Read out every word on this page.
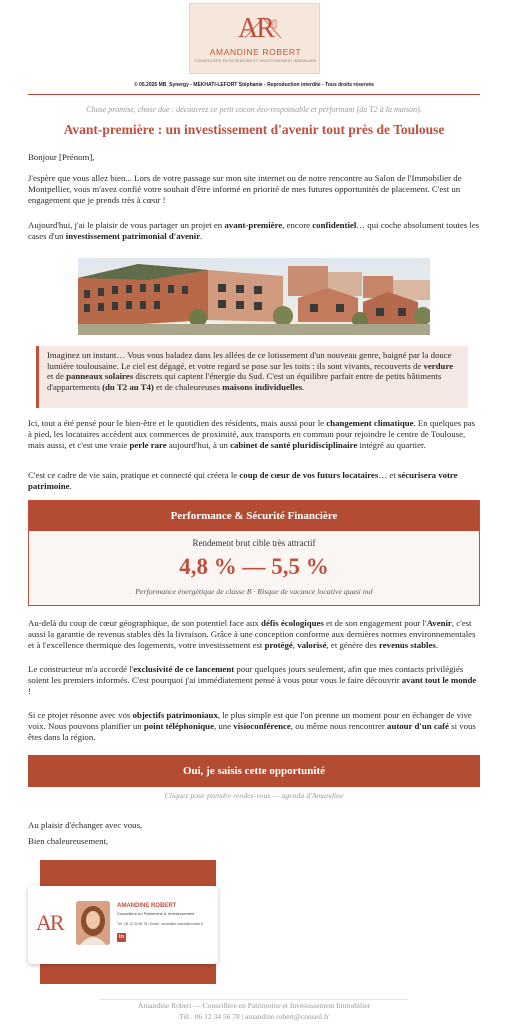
AR
AMANDINE ROBERT
CONSEILLÈRE EN PATRIMOINE ET INVESTISSEMENT IMMOBILIER
© 05.2026 MB_Synergy - MEKHATI-LEFORT Stéphanie - Reproduction interdite - Tous droits réservés
Chose promise, chose due : découvrez ce petit cocon éco-responsable et performant (du T2 à la maison).
Avant-première : un investissement d'avenir tout près de Toulouse
Bonjour [Prénom],
J'espère que vous allez bien... Lors de votre passage sur mon site internet ou de notre rencontre au Salon de l'Immobilier de Montpellier, vous m'avez confié votre souhait d'être informé en priorité de mes futures opportunités de placement. C'est un engagement que je prends très à cœur !
Aujourd'hui, j'ai le plaisir de vous partager un projet en avant-première, encore confidentiel… qui coche absolument toutes les cases d'un investissement patrimonial d'avenir.
Imaginez un instant… Vous vous baladez dans les allées de ce lotissement d'un nouveau genre, baigné par la douce lumière toulousaine. Le ciel est dégagé, et votre regard se pose sur les toits : ils sont vivants, recouverts de verdure et de panneaux solaires discrets qui captent l'énergie du Sud. C'est un équilibre parfait entre de petits bâtiments d'appartements (du T2 au T4) et de chaleureuses maisons individuelles.
Ici, tout a été pensé pour le bien-être et le quotidien des résidents, mais aussi pour le changement climatique. En quelques pas à pied, les locataires accèdent aux commerces de proximité, aux transports en commun pour rejoindre le centre de Toulouse, mais aussi, et c'est une vraie perle rare aujourd'hui, à un cabinet de santé pluridisciplinaire intégré au quartier.
C'est ce cadre de vie sain, pratique et connecté qui créera le coup de cœur de vos futurs locataires… et sécurisera votre patrimoine.
Performance & Sécurité Financière
Rendement brut cible très attractif
4,8 % — 5,5 %
Performance énergétique de classe B · Risque de vacance locative quasi nul
Au-delà du coup de cœur géographique, de son potentiel face aux défis écologiques et de son engagement pour l'Avenir, c'est aussi la garantie de revenus stables dès la livraison. Grâce à une conception conforme aux dernières normes environnementales et à l'excellence thermique des logements, votre investissement est protégé, valorisé, et génère des revenus stables.
Le constructeur m'a accordé l'exclusivité de ce lancement pour quelques jours seulement, afin que mes contacts privilégiés soient les premiers informés. C'est pourquoi j'ai immédiatement pensé à vous pour vous le faire découvrir avant tout le monde !
Si ce projet résonne avec vos objectifs patrimoniaux, le plus simple est que l'on prenne un moment pour en échanger de vive voix. Nous pouvons planifier un point téléphonique, une visioconférence, ou même nous rencontrer autour d'un café si vous êtes dans la région.
Oui, je saisis cette opportunité
Cliquez pour prendre rendez-vous — agenda d'Amandine
Au plaisir d'échanger avec vous,
Bien chaleureusement,
AR
AMANDINE ROBERT
Conseillère en Patrimoine & Investissement
Tél : 06 12 34 56 78 | Email : amandine.robert@conseil.fr
in
Amandine Robert — Conseillère en Patrimoine et Investissement Immobilier
Tél : 06 12 34 56 78 | amandine.robert@conseil.fr
